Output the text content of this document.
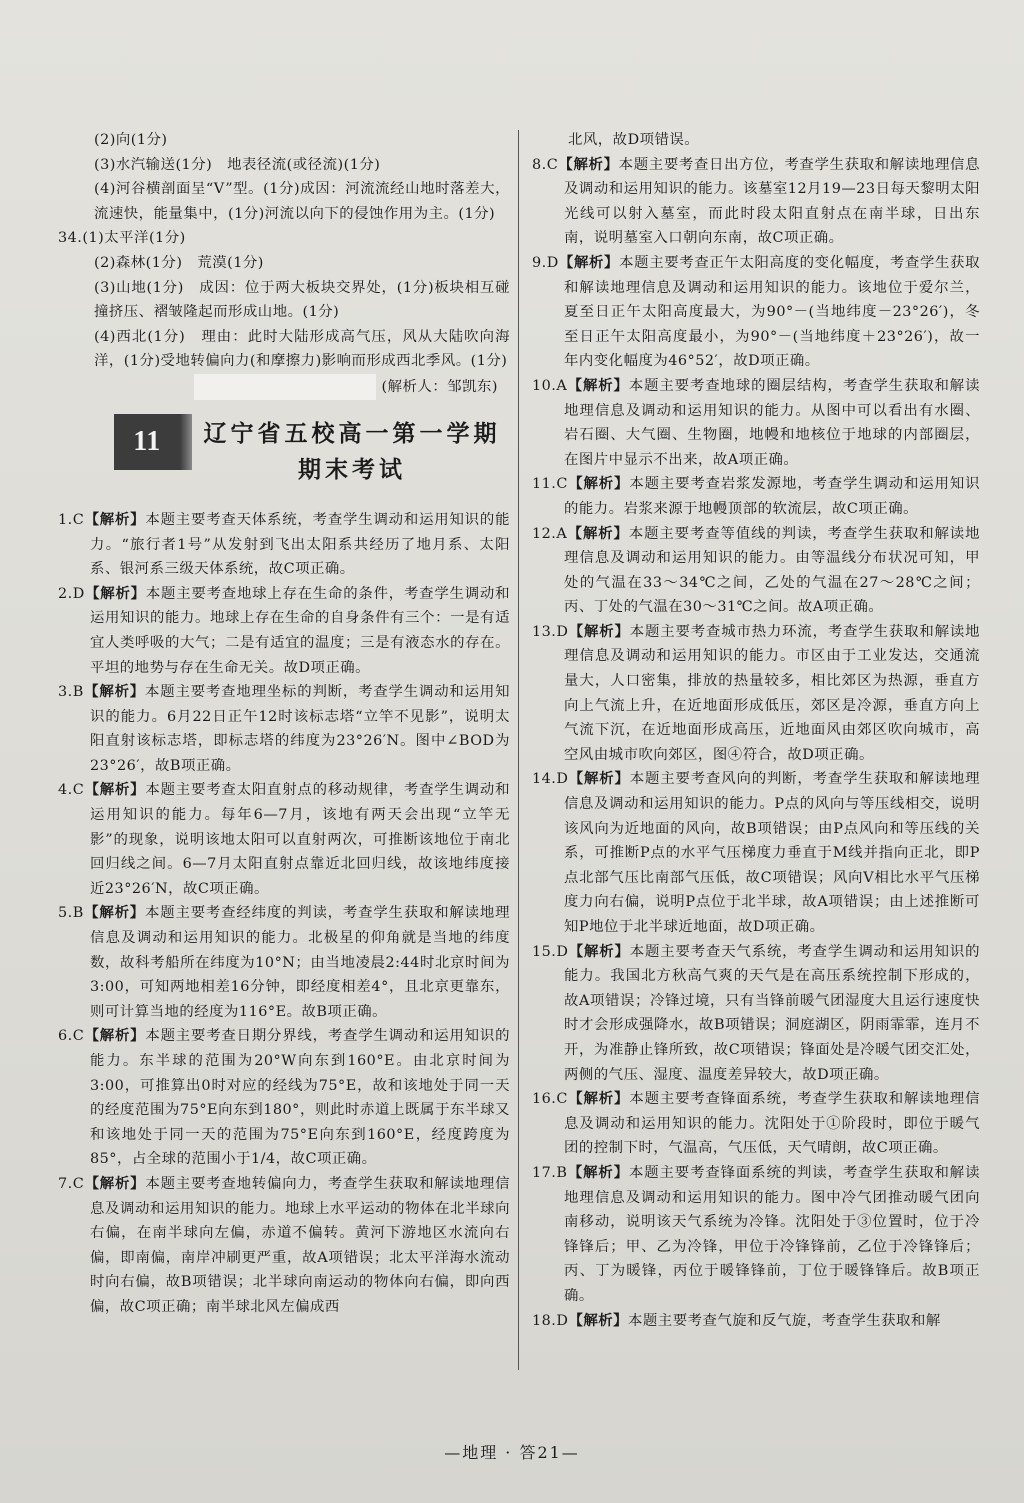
(2)向(1分)

(3)水汽输送(1分)　地表径流(或径流)(1分)

(4)河谷横剖面呈“V”型。(1分)成因：河流流经山地时落差大，流速快，能量集中，(1分)河流以向下的侵蚀作用为主。(1分)

34.(1)太平洋(1分)

(2)森林(1分)　荒漠(1分)

(3)山地(1分)　成因：位于两大板块交界处，(1分)板块相互碰撞挤压、褶皱隆起而形成山地。(1分)

(4)西北(1分)　理由：此时大陆形成高气压，风从大陆吹向海洋，(1分)受地转偏向力(和摩擦力)影响而形成西北季风。(1分)

(解析人：邹凯东)

11	辽宁省五校高一第一学期
期末考试

1.C【解析】本题主要考查天体系统，考查学生调动和运用知识的能力。“旅行者1号”从发射到飞出太阳系共经历了地月系、太阳系、银河系三级天体系统，故C项正确。

2.D【解析】本题主要考查地球上存在生命的条件，考查学生调动和运用知识的能力。地球上存在生命的自身条件有三个：一是有适宜人类呼吸的大气；二是有适宜的温度；三是有液态水的存在。平坦的地势与存在生命无关。故D项正确。

3.B【解析】本题主要考查地理坐标的判断，考查学生调动和运用知识的能力。6月22日正午12时该标志塔“立竿不见影”，说明太阳直射该标志塔，即标志塔的纬度为23°26′N。图中∠BOD为23°26′，故B项正确。

4.C【解析】本题主要考查太阳直射点的移动规律，考查学生调动和运用知识的能力。每年6—7月，该地有两天会出现“立竿无影”的现象，说明该地太阳可以直射两次，可推断该地位于南北回归线之间。6—7月太阳直射点靠近北回归线，故该地纬度接近23°26′N，故C项正确。

5.B【解析】本题主要考查经纬度的判读，考查学生获取和解读地理信息及调动和运用知识的能力。北极星的仰角就是当地的纬度数，故科考船所在纬度为10°N；由当地凌晨2:44时北京时间为3:00，可知两地相差16分钟，即经度相差4°，且北京更靠东，则可计算当地的经度为116°E。故B项正确。

6.C【解析】本题主要考查日期分界线，考查学生调动和运用知识的能力。东半球的范围为20°W向东到160°E。由北京时间为3:00，可推算出0时对应的经线为75°E，故和该地处于同一天的经度范围为75°E向东到180°，则此时赤道上既属于东半球又和该地处于同一天的范围为75°E向东到160°E，经度跨度为85°，占全球的范围小于1/4，故C项正确。

7.C【解析】本题主要考查地转偏向力，考查学生获取和解读地理信息及调动和运用知识的能力。地球上水平运动的物体在北半球向右偏，在南半球向左偏，赤道不偏转。黄河下游地区水流向右偏，即南偏，南岸冲刷更严重，故A项错误；北太平洋海水流动时向右偏，故B项错误；北半球向南运动的物体向右偏，即向西偏，故C项正确；南半球北风左偏成西

北风，故D项错误。

8.C【解析】本题主要考查日出方位，考查学生获取和解读地理信息及调动和运用知识的能力。该墓室12月19—23日每天黎明太阳光线可以射入墓室，而此时段太阳直射点在南半球，日出东南，说明墓室入口朝向东南，故C项正确。

9.D【解析】本题主要考查正午太阳高度的变化幅度，考查学生获取和解读地理信息及调动和运用知识的能力。该地位于爱尔兰，夏至日正午太阳高度最大，为90°－(当地纬度－23°26′)，冬至日正午太阳高度最小，为90°－(当地纬度＋23°26′)，故一年内变化幅度为46°52′，故D项正确。

10.A【解析】本题主要考查地球的圈层结构，考查学生获取和解读地理信息及调动和运用知识的能力。从图中可以看出有水圈、岩石圈、大气圈、生物圈，地幔和地核位于地球的内部圈层，在图片中显示不出来，故A项正确。

11.C【解析】本题主要考查岩浆发源地，考查学生调动和运用知识的能力。岩浆来源于地幔顶部的软流层，故C项正确。

12.A【解析】本题主要考查等值线的判读，考查学生获取和解读地理信息及调动和运用知识的能力。由等温线分布状况可知，甲处的气温在33～34℃之间，乙处的气温在27～28℃之间；丙、丁处的气温在30～31℃之间。故A项正确。

13.D【解析】本题主要考查城市热力环流，考查学生获取和解读地理信息及调动和运用知识的能力。市区由于工业发达，交通流量大，人口密集，排放的热量较多，相比郊区为热源，垂直方向上气流上升，在近地面形成低压，郊区是冷源，垂直方向上气流下沉，在近地面形成高压，近地面风由郊区吹向城市，高空风由城市吹向郊区，图④符合，故D项正确。

14.D【解析】本题主要考查风向的判断，考查学生获取和解读地理信息及调动和运用知识的能力。P点的风向与等压线相交，说明该风向为近地面的风向，故B项错误；由P点风向和等压线的关系，可推断P点的水平气压梯度力垂直于M线并指向正北，即P点北部气压比南部气压低，故C项错误；风向V相比水平气压梯度力向右偏，说明P点位于北半球，故A项错误；由上述推断可知P地位于北半球近地面，故D项正确。

15.D【解析】本题主要考查天气系统，考查学生调动和运用知识的能力。我国北方秋高气爽的天气是在高压系统控制下形成的，故A项错误；冷锋过境，只有当锋前暖气团湿度大且运行速度快时才会形成强降水，故B项错误；洞庭湖区，阴雨霏霏，连月不开，为准静止锋所致，故C项错误；锋面处是冷暖气团交汇处，两侧的气压、湿度、温度差异较大，故D项正确。

16.C【解析】本题主要考查锋面系统，考查学生获取和解读地理信息及调动和运用知识的能力。沈阳处于①阶段时，即位于暖气团的控制下时，气温高，气压低，天气晴朗，故C项正确。

17.B【解析】本题主要考查锋面系统的判读，考查学生获取和解读地理信息及调动和运用知识的能力。图中冷气团推动暖气团向南移动，说明该天气系统为冷锋。沈阳处于③位置时，位于冷锋锋后；甲、乙为冷锋，甲位于冷锋锋前，乙位于冷锋锋后；丙、丁为暖锋，丙位于暖锋锋前，丁位于暖锋锋后。故B项正确。

18.D【解析】本题主要考查气旋和反气旋，考查学生获取和解

—地理 · 答21—
